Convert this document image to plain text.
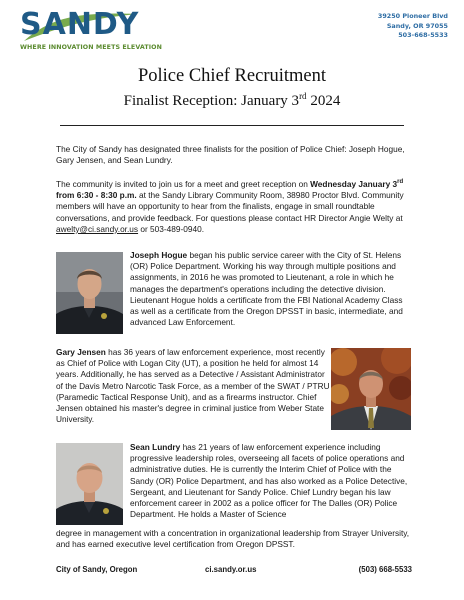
SANDY
WHERE INNOVATION MEETS ELEVATION
39250 Pioneer Blvd
Sandy, OR 97055
503-668-5533
Police Chief Recruitment
Finalist Reception: January 3rd 2024

The City of Sandy has designated three finalists for the position of Police Chief: Joseph Hogue, Gary Jensen, and Sean Lundry.

The community is invited to join us for a meet and greet reception on Wednesday January 3rd from 6:30 - 8:30 p.m. at the Sandy Library Community Room, 38980 Proctor Blvd. Community members will have an opportunity to hear from the finalists, engage in small roundtable conversations, and provide feedback. For questions please contact HR Director Angie Welty at awelty@ci.sandy.or.us or 503-489-0940.

Joseph Hogue began his public service career with the City of St. Helens (OR) Police Department. Working his way through multiple positions and assignments, in 2016 he was promoted to Lieutenant, a role in which he manages the department's operations including the detective division. Lieutenant Hogue holds a certificate from the FBI National Academy Class as well as a certificate from the Oregon DPSST in basic, intermediate, and advanced Law Enforcement.

Gary Jensen has 36 years of law enforcement experience, most recently as Chief of Police with Logan City (UT), a position he held for almost 14 years. Additionally, he has served as a Detective / Assistant Administrator of the Davis Metro Narcotic Task Force, as a member of the SWAT / PTRU (Paramedic Tactical Response Unit), and as a firearms instructor. Chief Jensen obtained his master's degree in criminal justice from Weber State University.

Sean Lundry has 21 years of law enforcement experience including progressive leadership roles, overseeing all facets of police operations and administrative duties. He is currently the Interim Chief of Police with the Sandy (OR) Police Department, and has also worked as a Police Detective, Sergeant, and Lieutenant for Sandy Police. Chief Lundry began his law enforcement career in 2002 as a police officer for The Dalles (OR) Police Department. He holds a Master of Science

degree in management with a concentration in organizational leadership from Strayer University, and has earned executive level certification from Oregon DPSST.

City of Sandy, Oregon	ci.sandy.or.us	(503) 668-5533
